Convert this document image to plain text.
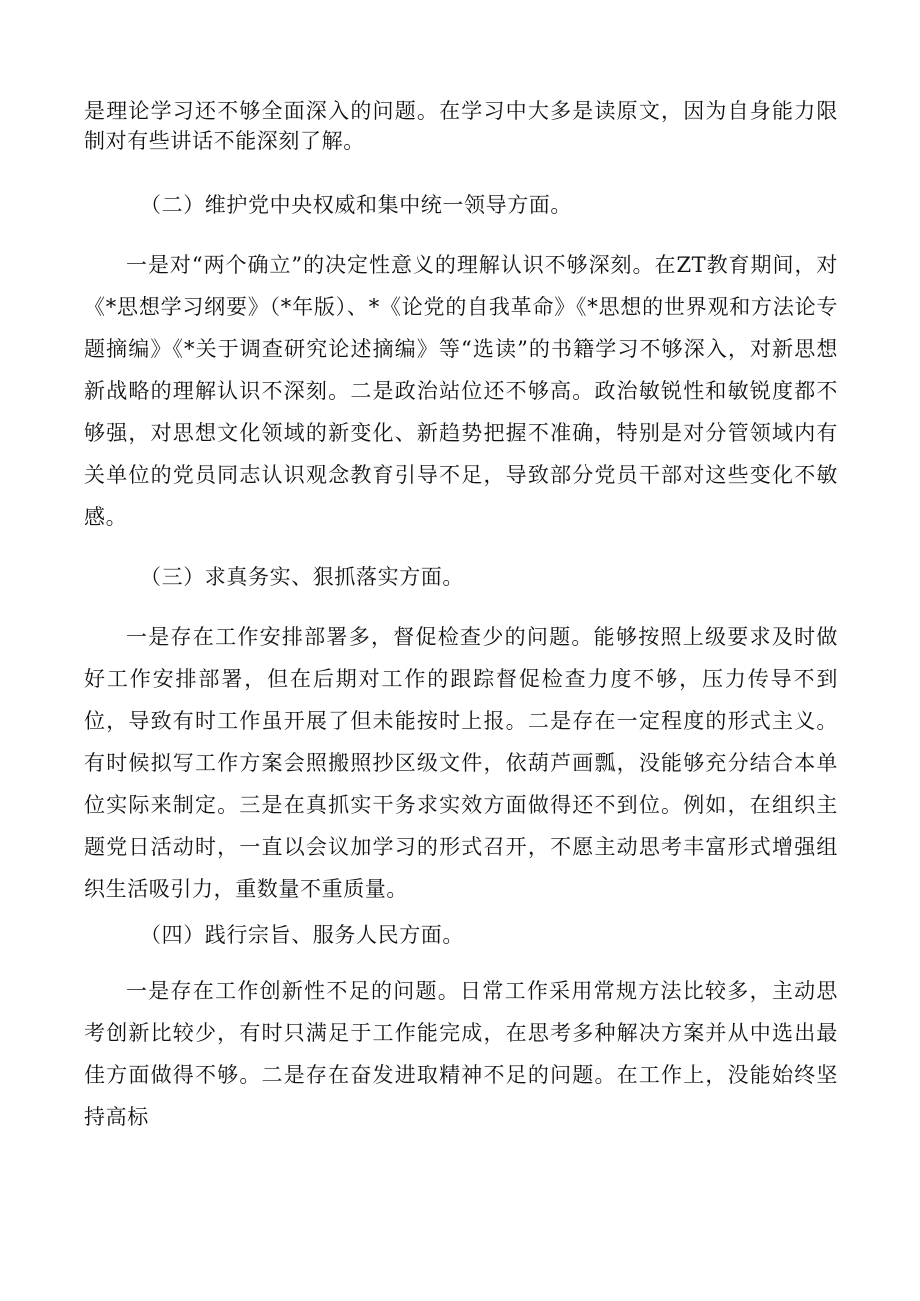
是理论学习还不够全面深入的问题。在学习中大多是读原文，因为自身能力限制对有些讲话不能深刻了解。

（二）维护党中央权威和集中统一领导方面。

一是对“两个确立”的决定性意义的理解认识不够深刻。在ZT教育期间，对《*思想学习纲要》（*年版）、*《论党的自我革命》《*思想的世界观和方法论专题摘编》《*关于调查研究论述摘编》等“选读”的书籍学习不够深入，对新思想新战略的理解认识不深刻。二是政治站位还不够高。政治敏锐性和敏锐度都不够强，对思想文化领域的新变化、新趋势把握不准确，特别是对分管领域内有关单位的党员同志认识观念教育引导不足，导致部分党员干部对这些变化不敏感。

（三）求真务实、狠抓落实方面。

一是存在工作安排部署多，督促检查少的问题。能够按照上级要求及时做好工作安排部署，但在后期对工作的跟踪督促检查力度不够，压力传导不到位，导致有时工作虽开展了但未能按时上报。二是存在一定程度的形式主义。有时候拟写工作方案会照搬照抄区级文件，依葫芦画瓢，没能够充分结合本单位实际来制定。三是在真抓实干务求实效方面做得还不到位。例如，在组织主题党日活动时，一直以会议加学习的形式召开，不愿主动思考丰富形式增强组织生活吸引力，重数量不重质量。

（四）践行宗旨、服务人民方面。

一是存在工作创新性不足的问题。日常工作采用常规方法比较多，主动思考创新比较少，有时只满足于工作能完成，在思考多种解决方案并从中选出最佳方面做得不够。二是存在奋发进取精神不足的问题。在工作上，没能始终坚持高标
